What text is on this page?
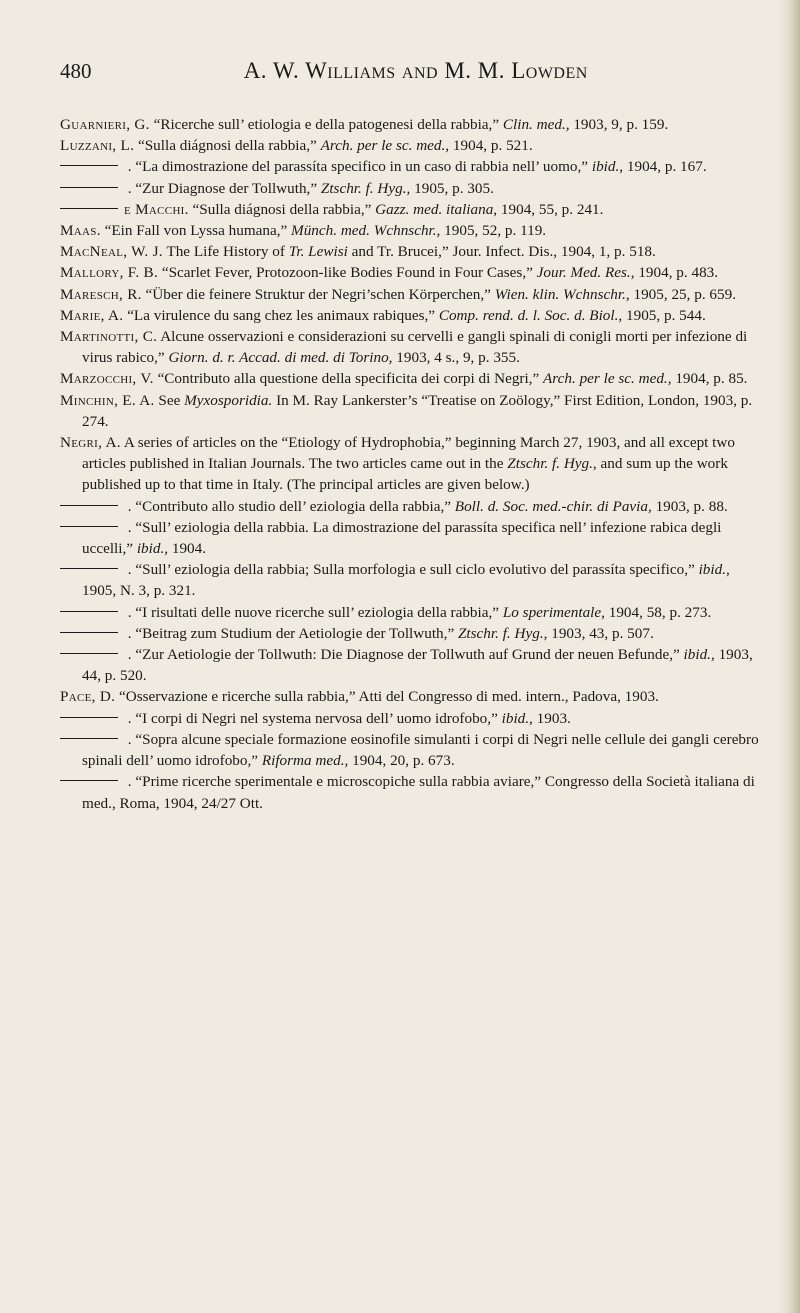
480	A. W. Williams and M. M. Lowden

Guarnieri, G. “Ricerche sull’ etiologia e della patogenesi della rabbia,” Clin. med., 1903, 9, p. 159.

Luzzani, L. “Sulla diágnosi della rabbia,” Arch. per le sc. med., 1904, p. 521.

. “La dimostrazione del parassíta specifico in un caso di rabbia nell’ uomo,” ibid., 1904, p. 167.

. “Zur Diagnose der Tollwuth,” Ztschr. f. Hyg., 1905, p. 305.

e Macchi. “Sulla diágnosi della rabbia,” Gazz. med. italiana, 1904, 55, p. 241.

Maas. “Ein Fall von Lyssa humana,” Münch. med. Wchnschr., 1905, 52, p. 119.

MacNeal, W. J. The Life History of Tr. Lewisi and Tr. Brucei,” Jour. Infect. Dis., 1904, 1, p. 518.

Mallory, F. B. “Scarlet Fever, Protozoon-like Bodies Found in Four Cases,” Jour. Med. Res., 1904, p. 483.

Maresch, R. “Über die feinere Struktur der Negri’schen Körperchen,” Wien. klin. Wchnschr., 1905, 25, p. 659.

Marie, A. “La virulence du sang chez les animaux rabiques,” Comp. rend. d. l. Soc. d. Biol., 1905, p. 544.

Martinotti, C. Alcune osservazioni e considerazioni su cervelli e gangli spinali di conigli morti per infezione di virus rabico,” Giorn. d. r. Accad. di med. di Torino, 1903, 4 s., 9, p. 355.

Marzocchi, V. “Contributo alla questione della specificita dei corpi di Negri,” Arch. per le sc. med., 1904, p. 85.

Minchin, E. A. See Myxosporidia. In M. Ray Lankerster’s “Treatise on Zoölogy,” First Edition, London, 1903, p. 274.

Negri, A. A series of articles on the “Etiology of Hydrophobia,” beginning March 27, 1903, and all except two articles published in Italian Journals. The two articles came out in the Ztschr. f. Hyg., and sum up the work published up to that time in Italy. (The principal articles are given below.)

. “Contributo allo studio dell’ eziologia della rabbia,” Boll. d. Soc. med.-chir. di Pavia, 1903, p. 88.

. “Sull’ eziologia della rabbia. La dimostrazione del parassíta specifica nell’ infezione rabica degli uccelli,” ibid., 1904.

. “Sull’ eziologia della rabbia; Sulla morfologia e sull ciclo evolutivo del parassíta specifico,” ibid., 1905, N. 3, p. 321.

. “I risultati delle nuove ricerche sull’ eziologia della rabbia,” Lo sperimentale, 1904, 58, p. 273.

. “Beitrag zum Studium der Aetiologie der Tollwuth,” Ztschr. f. Hyg., 1903, 43, p. 507.

. “Zur Aetiologie der Tollwuth: Die Diagnose der Tollwuth auf Grund der neuen Befunde,” ibid., 1903, 44, p. 520.

Pace, D. “Osservazione e ricerche sulla rabbia,” Atti del Congresso di med. intern., Padova, 1903.

. “I corpi di Negri nel systema nervosa dell’ uomo idrofobo,” ibid., 1903.

. “Sopra alcune speciale formazione eosinofile simulanti i corpi di Negri nelle cellule dei gangli cerebro spinali dell’ uomo idrofobo,” Riforma med., 1904, 20, p. 673.

. “Prime ricerche sperimentale e microscopiche sulla rabbia aviare,” Congresso della Società italiana di med., Roma, 1904, 24/27 Ott.
